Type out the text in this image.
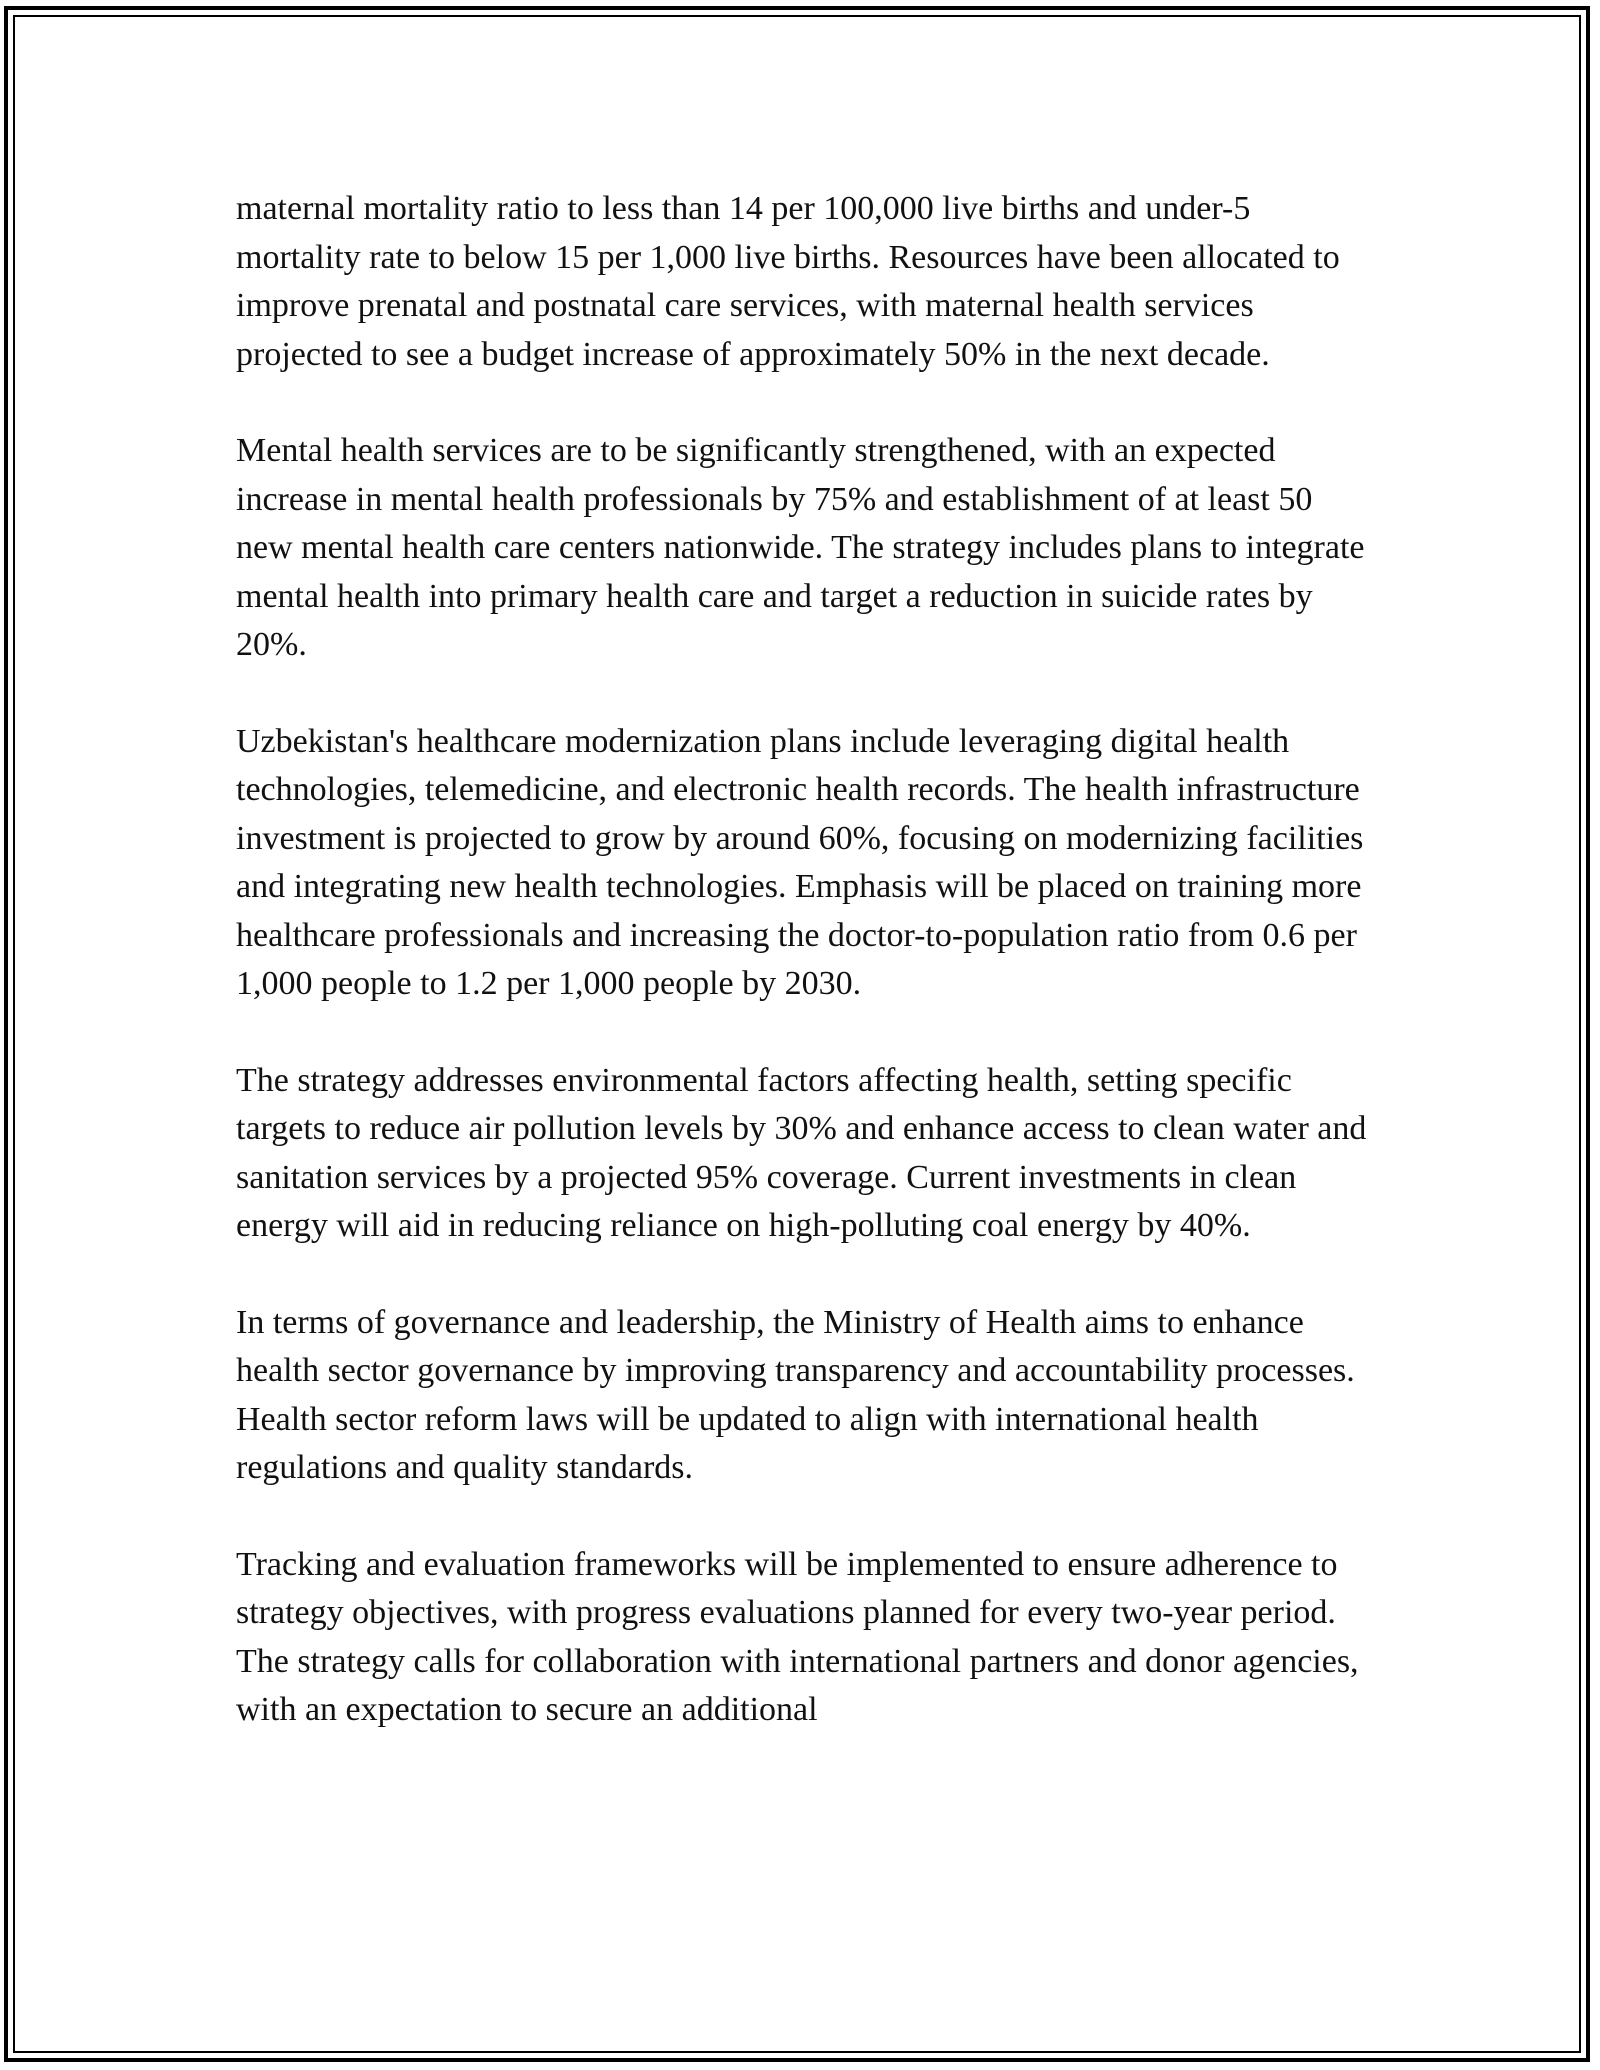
maternal mortality ratio to less than 14 per 100,000 live births and under-5 mortality rate to below 15 per 1,000 live births. Resources have been allocated to improve prenatal and postnatal care services, with maternal health services projected to see a budget increase of approximately 50% in the next decade.

Mental health services are to be significantly strengthened, with an expected increase in mental health professionals by 75% and establishment of at least 50 new mental health care centers nationwide. The strategy includes plans to integrate mental health into primary health care and target a reduction in suicide rates by 20%.

Uzbekistan's healthcare modernization plans include leveraging digital health technologies, telemedicine, and electronic health records. The health infrastructure investment is projected to grow by around 60%, focusing on modernizing facilities and integrating new health technologies. Emphasis will be placed on training more healthcare professionals and increasing the doctor-to-population ratio from 0.6 per 1,000 people to 1.2 per 1,000 people by 2030.

The strategy addresses environmental factors affecting health, setting specific targets to reduce air pollution levels by 30% and enhance access to clean water and sanitation services by a projected 95% coverage. Current investments in clean energy will aid in reducing reliance on high-polluting coal energy by 40%.

In terms of governance and leadership, the Ministry of Health aims to enhance health sector governance by improving transparency and accountability processes. Health sector reform laws will be updated to align with international health regulations and quality standards.

Tracking and evaluation frameworks will be implemented to ensure adherence to strategy objectives, with progress evaluations planned for every two-year period. The strategy calls for collaboration with international partners and donor agencies, with an expectation to secure an additional
